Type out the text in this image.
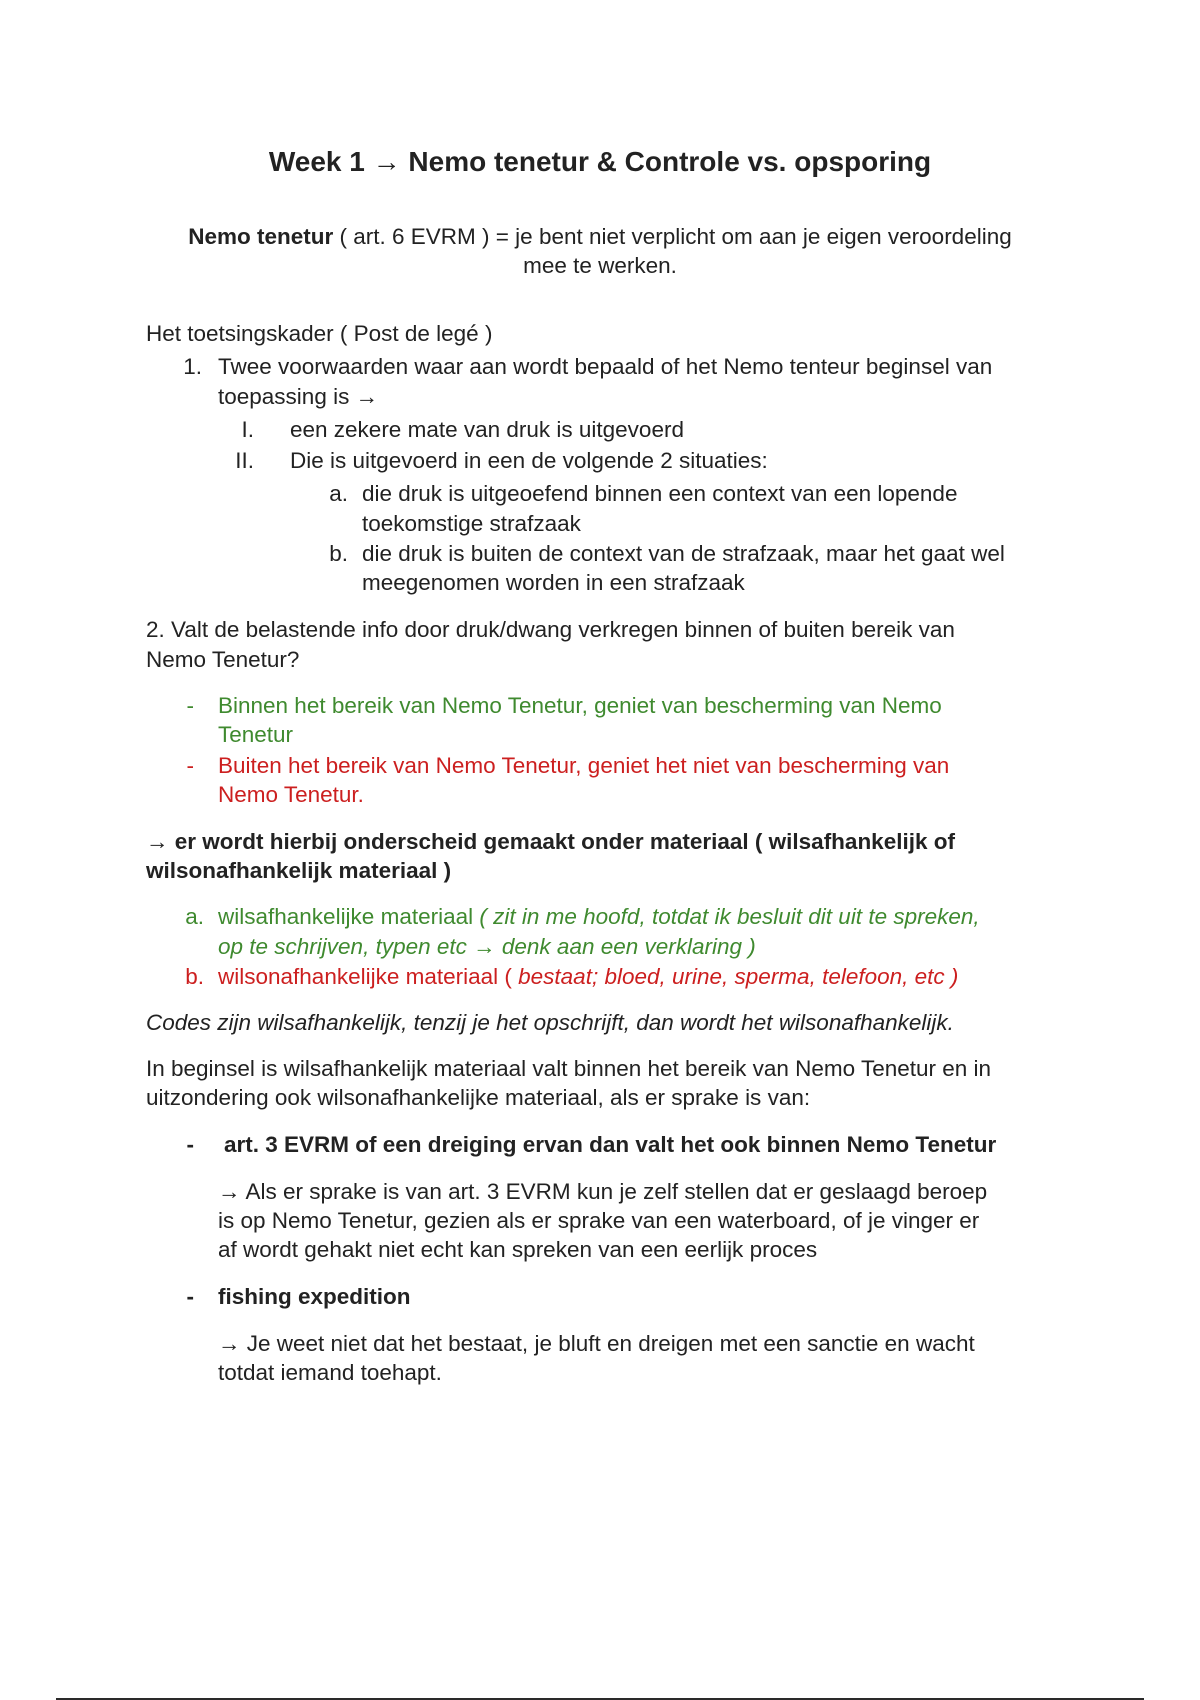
Week 1 → Nemo tenetur & Controle vs. opsporing
Nemo tenetur ( art. 6 EVRM ) = je bent niet verplicht om aan je eigen veroordeling
mee te werken.
Het toetsingskader ( Post de legé )
1. Twee voorwaarden waar aan wordt bepaald of het Nemo tenteur beginsel van
toepassing is →
I. een zekere mate van druk is uitgevoerd
II. Die is uitgevoerd in een de volgende 2 situaties:
a. die druk is uitgeoefend binnen een context van een lopende
toekomstige strafzaak
b. die druk is buiten de context van de strafzaak, maar het gaat wel
meegenomen worden in een strafzaak
2. Valt de belastende info door druk/dwang verkregen binnen of buiten bereik van
Nemo Tenetur?
- Binnen het bereik van Nemo Tenetur, geniet van bescherming van Nemo
Tenetur
- Buiten het bereik van Nemo Tenetur, geniet het niet van bescherming van
Nemo Tenetur.
→ er wordt hierbij onderscheid gemaakt onder materiaal ( wilsafhankelijk of
wilsonafhankelijk materiaal )
a. wilsafhankelijke materiaal ( zit in me hoofd, totdat ik besluit dit uit te spreken,
op te schrijven, typen etc → denk aan een verklaring )
b. wilsonafhankelijke materiaal ( bestaat; bloed, urine, sperma, telefoon, etc )
Codes zijn wilsafhankelijk, tenzij je het opschrijft, dan wordt het wilsonafhankelijk.
In beginsel is wilsafhankelijk materiaal valt binnen het bereik van Nemo Tenetur en in
uitzondering ook wilsonafhankelijke materiaal, als er sprake is van:
- art. 3 EVRM of een dreiging ervan dan valt het ook binnen Nemo Tenetur
→ Als er sprake is van art. 3 EVRM kun je zelf stellen dat er geslaagd beroep
is op Nemo Tenetur, gezien als er sprake van een waterboard, of je vinger er
af wordt gehakt niet echt kan spreken van een eerlijk proces
- fishing expedition
→ Je weet niet dat het bestaat, je bluft en dreigen met een sanctie en wacht
totdat iemand toehapt.
